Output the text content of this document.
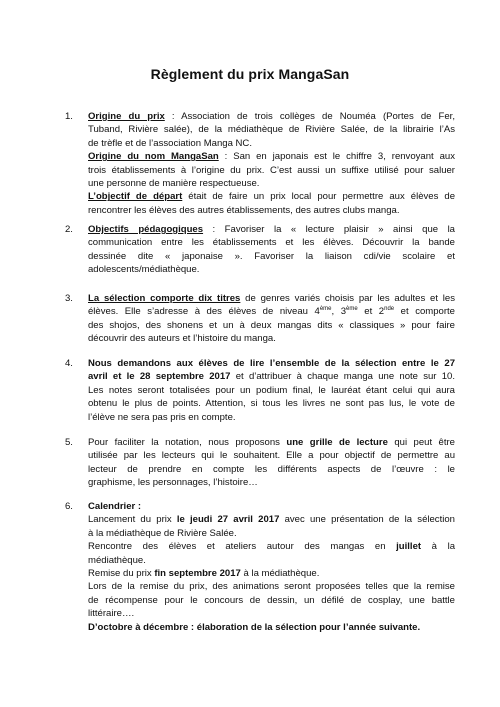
Règlement du prix MangaSan
1. Origine du prix : Association de trois collèges de Nouméa (Portes de Fer,
Tuband, Rivière salée), de la médiathèque de Rivière Salée, de la librairie l’As
de trèfle et de l’association Manga NC.
Origine du nom MangaSan : San en japonais est le chiffre 3, renvoyant aux
trois établissements à l’origine du prix. C’est aussi un suffixe utilisé pour saluer
une personne de manière respectueuse.
L’objectif de départ était de faire un prix local pour permettre aux élèves de
rencontrer les élèves des autres établissements, des autres clubs manga.
2. Objectifs pédagogiques : Favoriser la « lecture plaisir » ainsi que la
communication entre les établissements et les élèves. Découvrir la bande
dessinée dite « japonaise ». Favoriser la liaison cdi/vie scolaire et
adolescents/médiathèque.
3. La sélection comporte dix titres de genres variés choisis par les adultes et les
élèves. Elle s’adresse à des élèves de niveau 4ème, 3ème et 2nde et comporte
des shojos, des shonens et un à deux mangas dits « classiques » pour faire
découvrir des auteurs et l’histoire du manga.
4. Nous demandons aux élèves de lire l’ensemble de la sélection entre le 27
avril et le 28 septembre 2017 et d’attribuer à chaque manga une note sur 10.
Les notes seront totalisées pour un podium final, le lauréat étant celui qui aura
obtenu le plus de points. Attention, si tous les livres ne sont pas lus, le vote de
l’élève ne sera pas pris en compte.
5. Pour faciliter la notation, nous proposons une grille de lecture qui peut être
utilisée par les lecteurs qui le souhaitent. Elle a pour objectif de permettre au
lecteur de prendre en compte les différents aspects de l’œuvre : le
graphisme, les personnages, l’histoire…
6. Calendrier :
Lancement du prix le jeudi 27 avril 2017 avec une présentation de la sélection
à la médiathèque de Rivière Salée.
Rencontre des élèves et ateliers autour des mangas en juillet à la
médiathèque.
Remise du prix fin septembre 2017 à la médiathèque.
Lors de la remise du prix, des animations seront proposées telles que la remise
de récompense pour le concours de dessin, un défilé de cosplay, une battle
littéraire….
D’octobre à décembre : élaboration de la sélection pour l’année suivante.
